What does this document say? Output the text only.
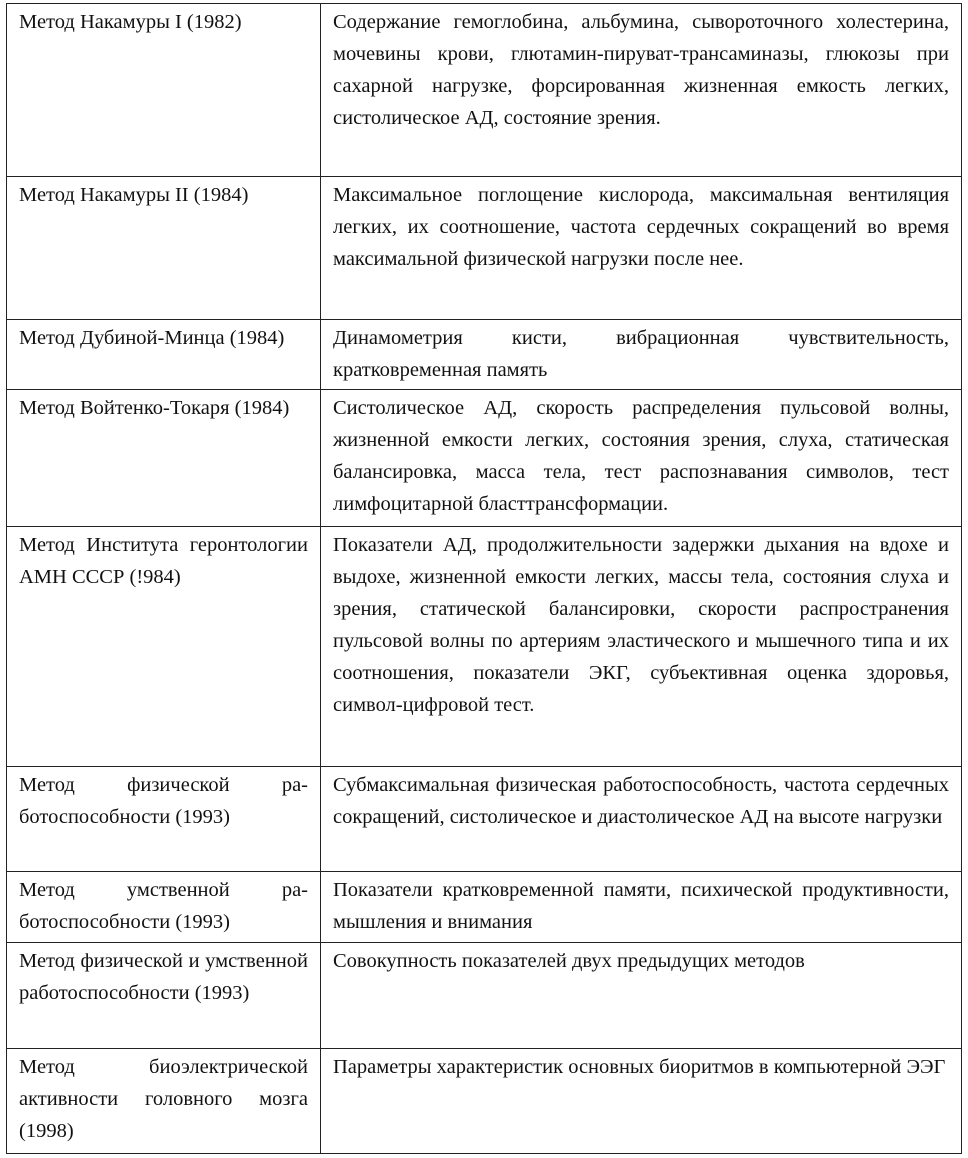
Метод Накамуры I (1982)	Содержание гемоглобина, альбумина, сывороточного холестерина, мочевины крови, глютамин-пируват-трансаминазы, глюкозы при сахарной нагрузке, форсированная жизненная емкость легких, систолическое АД, состояние зрения.
Метод Накамуры II (1984)	Максимальное поглощение кислорода, максимальная вентиляция легких, их соотношение, частота сердечных сокращений во время максимальной физической нагрузки после нее.
Метод Дубиной-Минца (1984)	Динамометрия кисти, вибрационная чувствительность, кратковременная память
Метод Войтенко-Токаря (1984)	Систолическое АД, скорость распределения пульсовой волны, жизненной емкости легких, состояния зрения, слуха, статическая балансировка, масса тела, тест распознавания символов, тест лимфоцитарной бласттрансформации.
Метод Института геронтологии АМН СССР (!984)	Показатели АД, продолжительности задержки дыхания на вдохе и выдохе, жизненной емкости легких, массы тела, состояния слуха и зрения, статической балансировки, скорости распространения пульсовой волны по артериям эластического и мышечного типа и их соотношения, показатели ЭКГ, субъективная оценка здоровья, символ-цифровой тест.
Метод физической работоспособности (1993)	Субмаксимальная физическая работоспособность, частота сердечных сокращений, систолическое и диастолическое АД на высоте нагрузки
Метод умственной работоспособности (1993)	Показатели кратковременной памяти, психической продуктивности, мышления и внимания
Метод физической и умственной работоспособности (1993)	Совокупность показателей двух предыдущих методов
Метод биоэлектрической активности головного мозга (1998)	Параметры характеристик основных биоритмов в компьютерной ЭЭГ
